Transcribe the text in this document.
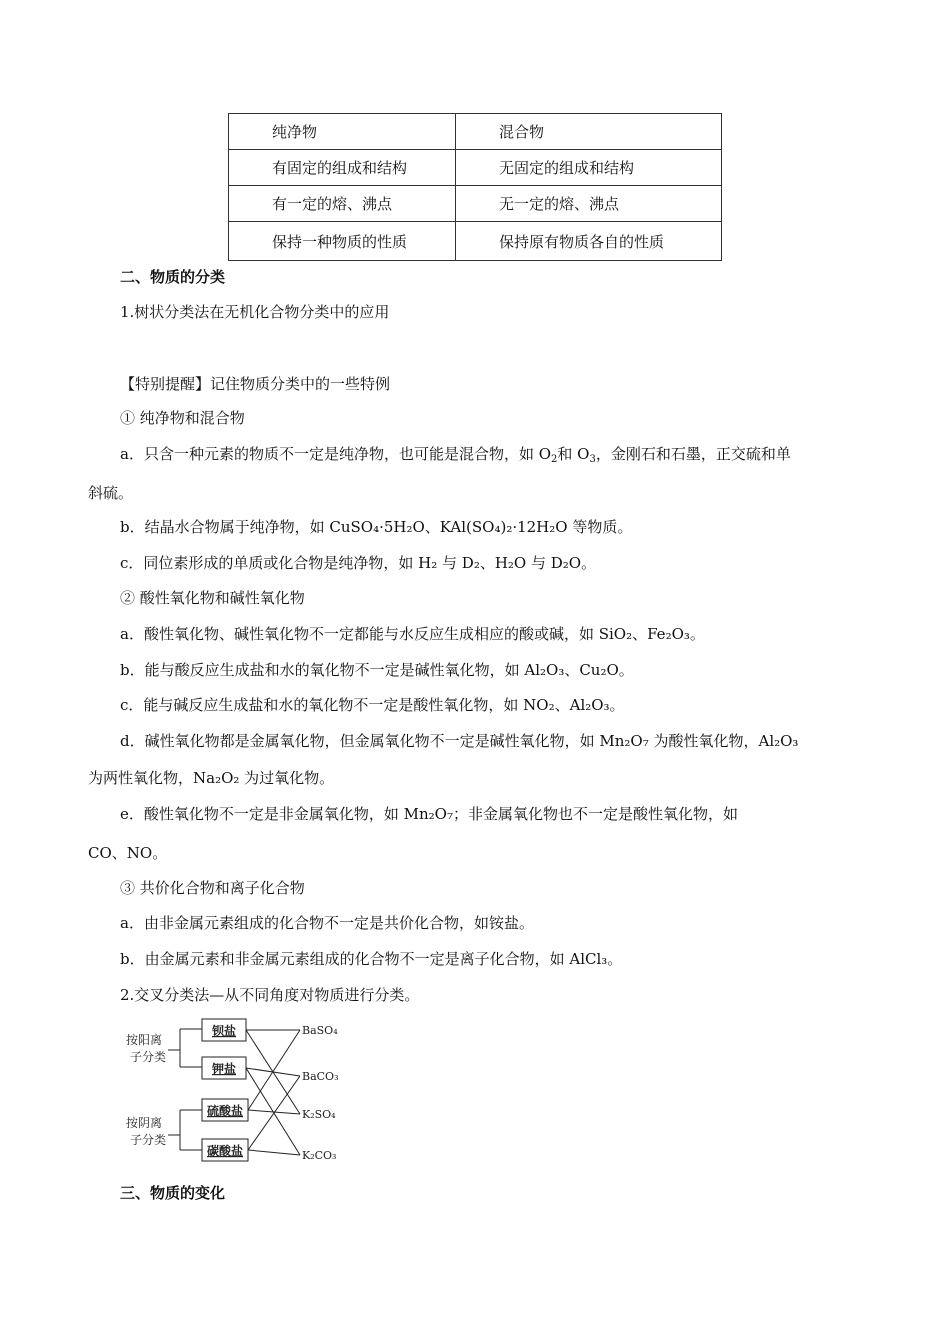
纯净物	混合物
有固定的组成和结构	无固定的组成和结构
有一定的熔、沸点	无一定的熔、沸点
保持一种物质的性质	保持原有物质各自的性质
二、物质的分类
1.树状分类法在无机化合物分类中的应用
【特别提醒】记住物质分类中的一些特例
① 纯净物和混合物
a．只含一种元素的物质不一定是纯净物，也可能是混合物，如 $O_2$和 $O_3$，金刚石和石墨，正交硫和单
斜硫。
b．结晶水合物属于纯净物，如 CuSO₄·5H₂O、KAl(SO₄)₂·12H₂O 等物质。
c．同位素形成的单质或化合物是纯净物，如 H₂ 与 D₂、H₂O 与 D₂O。
② 酸性氧化物和碱性氧化物
a．酸性氧化物、碱性氧化物不一定都能与水反应生成相应的酸或碱，如 SiO₂、Fe₂O₃。
b．能与酸反应生成盐和水的氧化物不一定是碱性氧化物，如 Al₂O₃、Cu₂O。
c．能与碱反应生成盐和水的氧化物不一定是酸性氧化物，如 NO₂、Al₂O₃。
d．碱性氧化物都是金属氧化物，但金属氧化物不一定是碱性氧化物，如 Mn₂O₇ 为酸性氧化物，Al₂O₃
为两性氧化物，Na₂O₂ 为过氧化物。
e．酸性氧化物不一定是非金属氧化物，如 Mn₂O₇；非金属氧化物也不一定是酸性氧化物，如
CO、NO。
③ 共价化合物和离子化合物
a．由非金属元素组成的化合物不一定是共价化合物，如铵盐。
b．由金属元素和非金属元素组成的化合物不一定是离子化合物，如 AlCl₃。
2.交叉分类法—从不同角度对物质进行分类。
按阳离
子分类
按阴离
子分类
钡盐
钾盐
硫酸盐
碳酸盐
BaSO₄
BaCO₃
K₂SO₄
K₂CO₃
三、物质的变化
